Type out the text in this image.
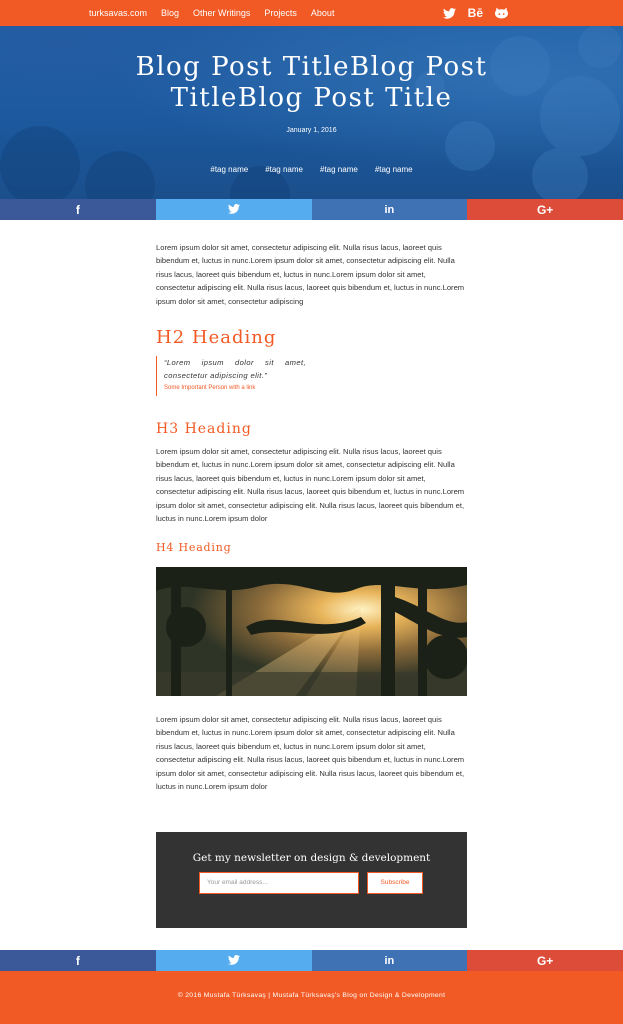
turksavas.com Blog Other Writings Projects About	Bē
Blog Post TitleBlog Post TitleBlog Post Title
January 1, 2016
#tag name #tag name #tag name #tag name
f	in	G+
Lorem ipsum dolor sit amet, consectetur adipiscing elit. Nulla risus lacus, laoreet quis bibendum et, luctus in nunc.Lorem ipsum dolor sit amet, consectetur adipiscing elit. Nulla risus lacus, laoreet quis bibendum et, luctus in nunc.Lorem ipsum dolor sit amet, consectetur adipiscing elit. Nulla risus lacus, laoreet quis bibendum et, luctus in nunc.Lorem ipsum dolor sit amet, consectetur adipiscing
H2 Heading
“Lorem ipsum dolor sit amet, consectetur adipiscing elit.”
Some Important Person with a link
H3 Heading
Lorem ipsum dolor sit amet, consectetur adipiscing elit. Nulla risus lacus, laoreet quis bibendum et, luctus in nunc.Lorem ipsum dolor sit amet, consectetur adipiscing elit. Nulla risus lacus, laoreet quis bibendum et, luctus in nunc.Lorem ipsum dolor sit amet, consectetur adipiscing elit. Nulla risus lacus, laoreet quis bibendum et, luctus in nunc.Lorem ipsum dolor sit amet, consectetur adipiscing elit. Nulla risus lacus, laoreet quis bibendum et, luctus in nunc.Lorem ipsum dolor
H4 Heading
Lorem ipsum dolor sit amet, consectetur adipiscing elit. Nulla risus lacus, laoreet quis bibendum et, luctus in nunc.Lorem ipsum dolor sit amet, consectetur adipiscing elit. Nulla risus lacus, laoreet quis bibendum et, luctus in nunc.Lorem ipsum dolor sit amet, consectetur adipiscing elit. Nulla risus lacus, laoreet quis bibendum et, luctus in nunc.Lorem ipsum dolor sit amet, consectetur adipiscing elit. Nulla risus lacus, laoreet quis bibendum et, luctus in nunc.Lorem ipsum dolor
Get my newsletter on design & development
Your email address...	Subscribe
f	in	G+
© 2016 Mustafa Türksavaş | Mustafa Türksavaş's Blog on Design & Development
